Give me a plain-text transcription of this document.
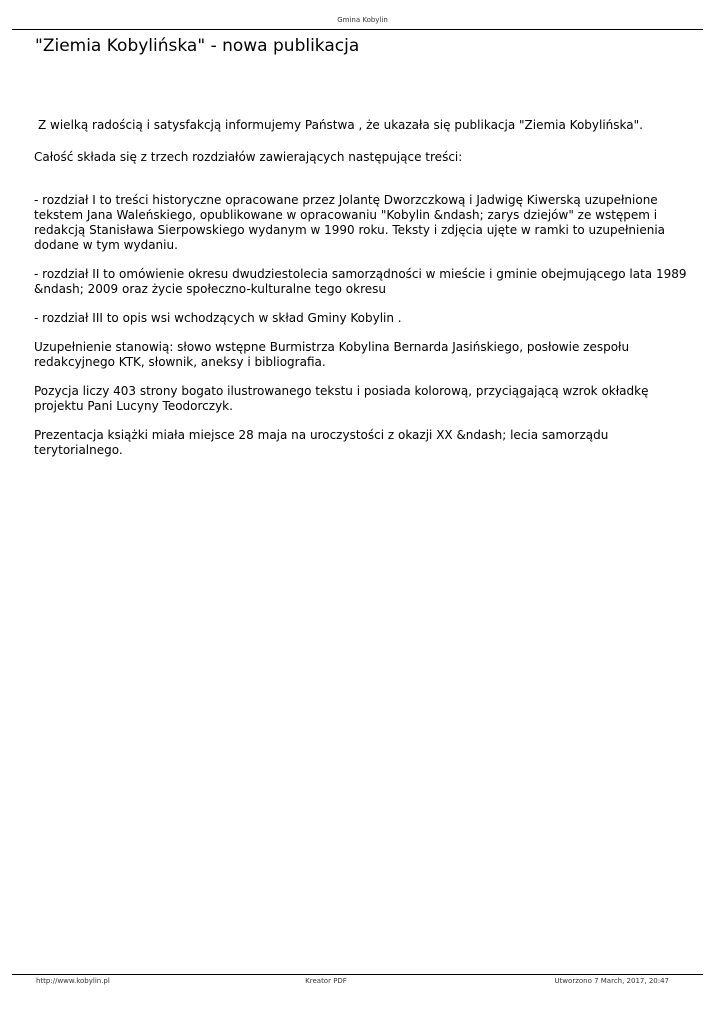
Gmina Kobylin
"Ziemia Kobylińska" - nowa publikacja

Z wielką radością i satysfakcją informujemy Państwa , że ukazała się publikacja "Ziemia Kobylińska".

Całość składa się z trzech rozdziałów zawierających następujące treści:

- rozdział I to treści historyczne opracowane przez Jolantę Dworzczkową i Jadwigę Kiwerską uzupełnione tekstem Jana Waleńskiego, opublikowane w opracowaniu "Kobylin &ndash; zarys dziejów" ze wstępem i redakcją Stanisława Sierpowskiego wydanym w 1990 roku. Teksty i zdjęcia ujęte w ramki to uzupełnienia dodane w tym wydaniu.

- rozdział II to omówienie okresu dwudziestolecia samorządności w mieście i gminie obejmującego lata 1989 &ndash; 2009 oraz życie społeczno-kulturalne tego okresu

- rozdział III to opis wsi wchodzących w skład Gminy Kobylin .

Uzupełnienie stanowią: słowo wstępne Burmistrza Kobylina Bernarda Jasińskiego, posłowie zespołu redakcyjnego KTK, słownik, aneksy i bibliografia.

Pozycja liczy 403 strony bogato ilustrowanego tekstu i posiada kolorową, przyciągającą wzrok okładkę projektu Pani Lucyny Teodorczyk.

Prezentacja książki miała miejsce 28 maja na uroczystości z okazji XX &ndash; lecia samorządu terytorialnego.

http://www.kobylin.pl	Kreator PDF	Utworzono 7 March, 2017, 20:47
